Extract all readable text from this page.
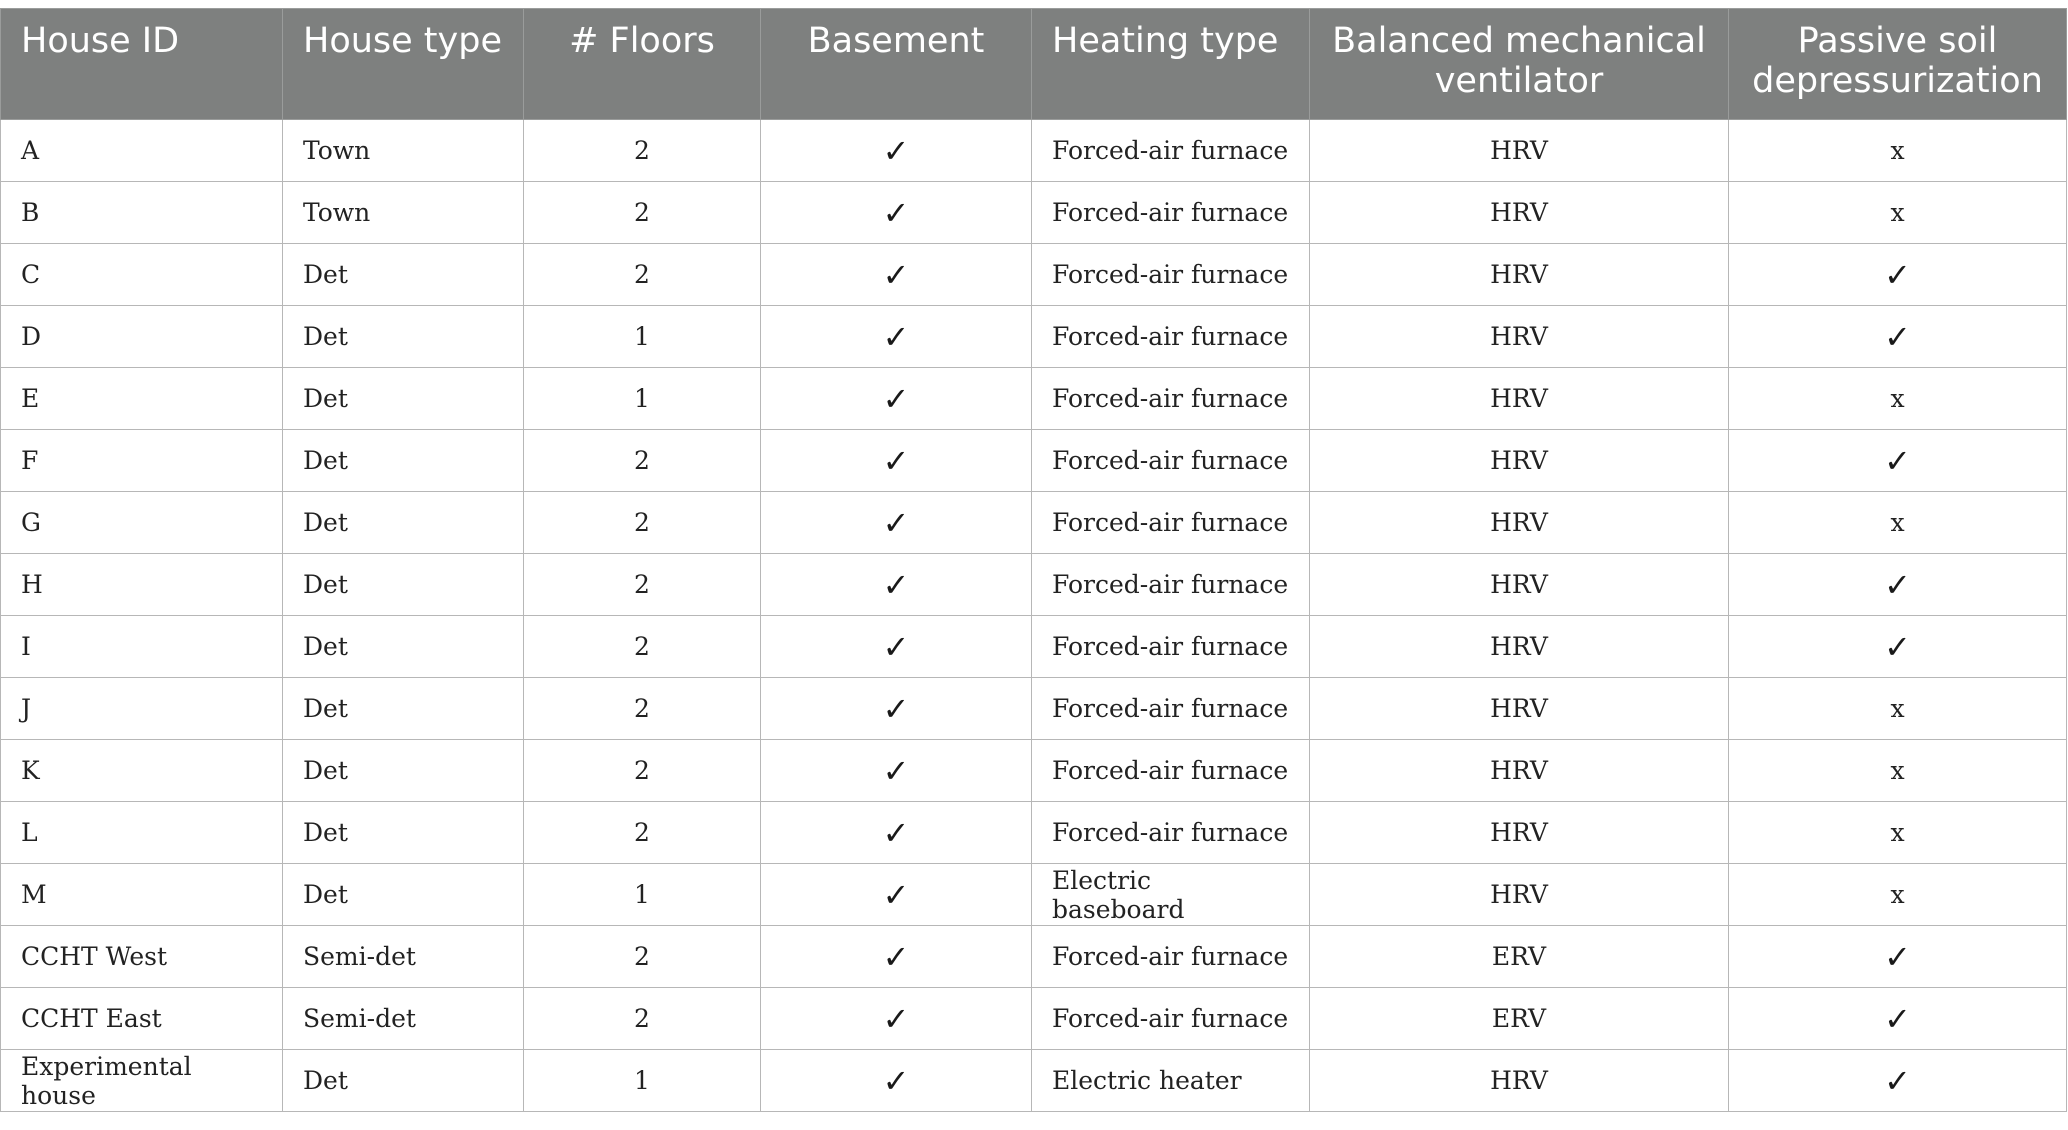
House ID	House type	# Floors	Basement	Heating type	Balanced mechanical ventilator	Passive soil depressurization
A	Town	2	✓	Forced-air furnace	HRV	x
B	Town	2	✓	Forced-air furnace	HRV	x
C	Det	2	✓	Forced-air furnace	HRV	✓
D	Det	1	✓	Forced-air furnace	HRV	✓
E	Det	1	✓	Forced-air furnace	HRV	x
F	Det	2	✓	Forced-air furnace	HRV	✓
G	Det	2	✓	Forced-air furnace	HRV	x
H	Det	2	✓	Forced-air furnace	HRV	✓
I	Det	2	✓	Forced-air furnace	HRV	✓
J	Det	2	✓	Forced-air furnace	HRV	x
K	Det	2	✓	Forced-air furnace	HRV	x
L	Det	2	✓	Forced-air furnace	HRV	x
M	Det	1	✓	Electric baseboard	HRV	x
CCHT West	Semi-det	2	✓	Forced-air furnace	ERV	✓
CCHT East	Semi-det	2	✓	Forced-air furnace	ERV	✓
Experimental house	Det	1	✓	Electric heater	HRV	✓
